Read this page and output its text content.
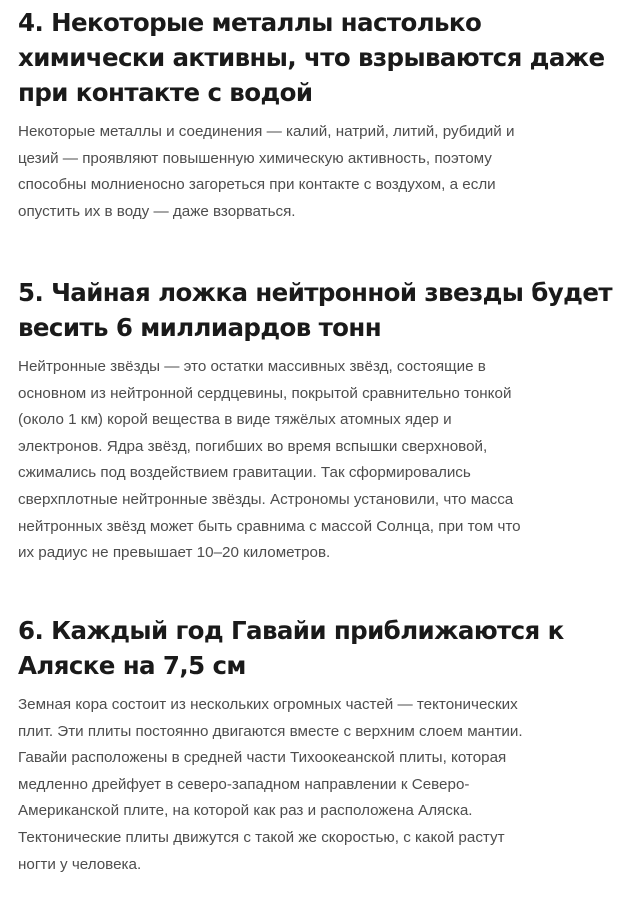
4. Некоторые металлы настолько
химически активны, что взрываются даже
при контакте с водой

Некоторые металлы и соединения — калий, натрий, литий, рубидий и
цезий — проявляют повышенную химическую активность, поэтому
способны молниеносно загореться при контакте с воздухом, а если
опустить их в воду — даже взорваться.

5. Чайная ложка нейтронной звезды будет
весить 6 миллиардов тонн

Нейтронные звёзды — это остатки массивных звёзд, состоящие в
основном из нейтронной сердцевины, покрытой сравнительно тонкой
(около 1 км) корой вещества в виде тяжёлых атомных ядер и
электронов. Ядра звёзд, погибших во время вспышки сверхновой,
сжимались под воздействием гравитации. Так сформировались
сверхплотные нейтронные звёзды. Астрономы установили, что масса
нейтронных звёзд может быть сравнима с массой Солнца, при том что
их радиус не превышает 10–20 километров.

6. Каждый год Гавайи приближаются к
Аляске на 7,5 см

Земная кора состоит из нескольких огромных частей — тектонических
плит. Эти плиты постоянно двигаются вместе с верхним слоем мантии.
Гавайи расположены в средней части Тихоокеанской плиты, которая
медленно дрейфует в северо-западном направлении к Северо-
Американской плите, на которой как раз и расположена Аляска.
Тектонические плиты движутся с такой же скоростью, с какой растут
ногти у человека.
